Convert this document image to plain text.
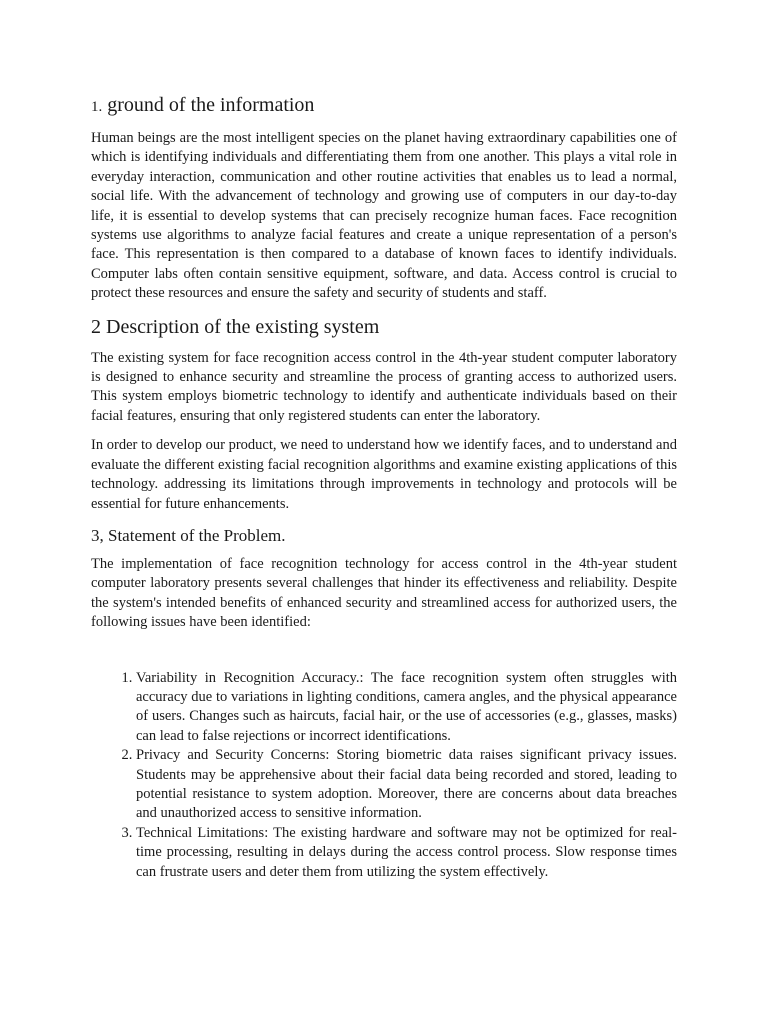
1. ground of the information

Human beings are the most intelligent species on the planet having extraordinary capabilities one of which is identifying individuals and differentiating them from one another. This plays a vital role in everyday interaction, communication and other routine activities that enables us to lead a normal, social life. With the advancement of technology and growing use of computers in our day-to-day life, it is essential to develop systems that can precisely recognize human faces. Face recognition systems use algorithms to analyze facial features and create a unique representation of a person's face. This representation is then compared to a database of known faces to identify individuals. Computer labs often contain sensitive equipment, software, and data. Access control is crucial to protect these resources and ensure the safety and security of students and staff.

2 Description of the existing system

The existing system for face recognition access control in the 4th-year student computer laboratory is designed to enhance security and streamline the process of granting access to authorized users. This system employs biometric technology to identify and authenticate individuals based on their facial features, ensuring that only registered students can enter the laboratory.

In order to develop our product, we need to understand how we identify faces, and to understand and evaluate the different existing facial recognition algorithms and examine existing applications of this technology. addressing its limitations through improvements in technology and protocols will be essential for future enhancements.

3, Statement of the Problem.

The implementation of face recognition technology for access control in the 4th-year student computer laboratory presents several challenges that hinder its effectiveness and reliability. Despite the system's intended benefits of enhanced security and streamlined access for authorized users, the following issues have been identified:

1. Variability in Recognition Accuracy.: The face recognition system often struggles with accuracy due to variations in lighting conditions, camera angles, and the physical appearance of users. Changes such as haircuts, facial hair, or the use of accessories (e.g., glasses, masks) can lead to false rejections or incorrect identifications.
2. Privacy and Security Concerns: Storing biometric data raises significant privacy issues. Students may be apprehensive about their facial data being recorded and stored, leading to potential resistance to system adoption. Moreover, there are concerns about data breaches and unauthorized access to sensitive information.
3. Technical Limitations: The existing hardware and software may not be optimized for real-time processing, resulting in delays during the access control process. Slow response times can frustrate users and deter them from utilizing the system effectively.
